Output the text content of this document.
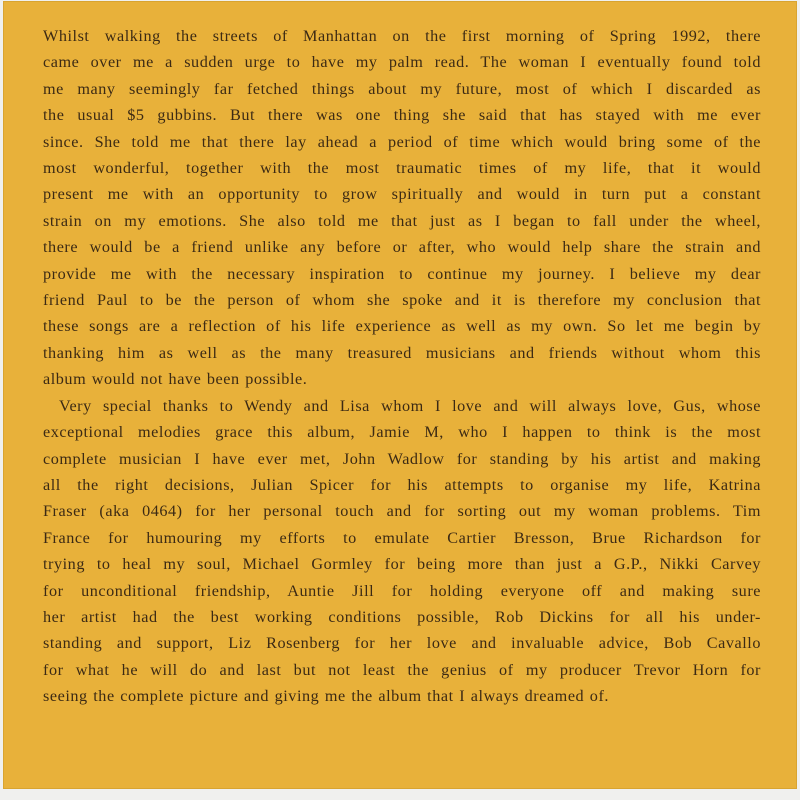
Whilst walking the streets of Manhattan on the first morning of Spring 1992, there
came over me a sudden urge to have my palm read. The woman I eventually found told
me many seemingly far fetched things about my future, most of which I discarded as
the usual $5 gubbins. But there was one thing she said that has stayed with me ever
since. She told me that there lay ahead a period of time which would bring some of the
most wonderful, together with the most traumatic times of my life, that it would
present me with an opportunity to grow spiritually and would in turn put a constant
strain on my emotions. She also told me that just as I began to fall under the wheel,
there would be a friend unlike any before or after, who would help share the strain and
provide me with the necessary inspiration to continue my journey. I believe my dear
friend Paul to be the person of whom she spoke and it is therefore my conclusion that
these songs are a reflection of his life experience as well as my own. So let me begin by
thanking him as well as the many treasured musicians and friends without whom this
album would not have been possible.
Very special thanks to Wendy and Lisa whom I love and will always love, Gus, whose
exceptional melodies grace this album, Jamie M, who I happen to think is the most
complete musician I have ever met, John Wadlow for standing by his artist and making
all the right decisions, Julian Spicer for his attempts to organise my life, Katrina
Fraser (aka 0464) for her personal touch and for sorting out my woman problems. Tim
France for humouring my efforts to emulate Cartier Bresson, Brue Richardson for
trying to heal my soul, Michael Gormley for being more than just a G.P., Nikki Carvey
for unconditional friendship, Auntie Jill for holding everyone off and making sure
her artist had the best working conditions possible, Rob Dickins for all his under-
standing and support, Liz Rosenberg for her love and invaluable advice, Bob Cavallo
for what he will do and last but not least the genius of my producer Trevor Horn for
seeing the complete picture and giving me the album that I always dreamed of.
